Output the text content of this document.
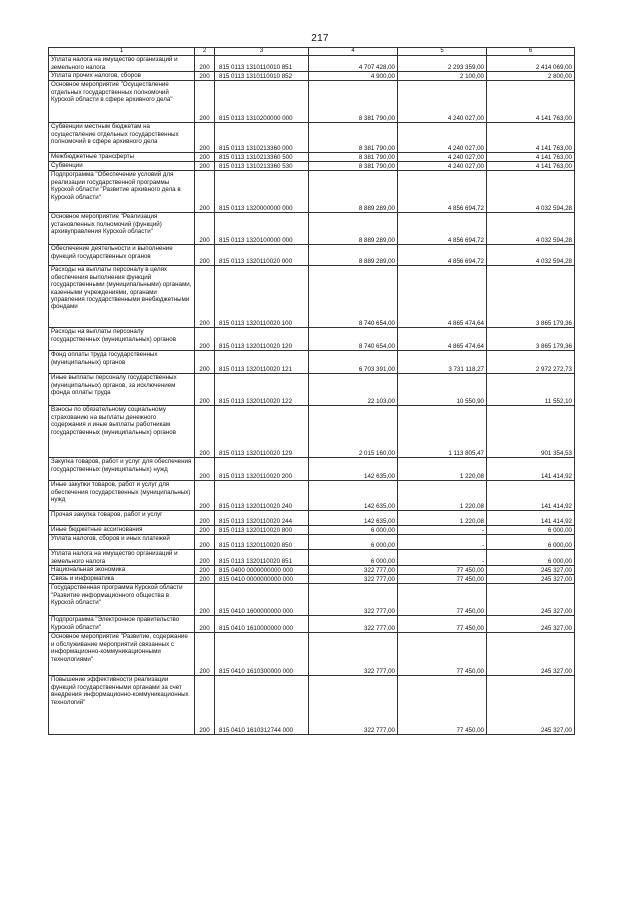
217
1	2	3	4	5	6
Уплата налога на имущество организаций и земельного налога	200	815 0113 1310110010 851	4 707 428,00	2 293 359,00	2 414 069,00
Уплата прочих налогов, сборов	200	815 0113 1310110010 852	4 900,00	2 100,00	2 800,00
Основное мероприятие "Осуществление отдельных государственных полномочий Курской области в сфере архивного дела"	200	815 0113 1310200000 000	8 381 790,00	4 240 027,00	4 141 763,00
Субвенции местным бюджетам на осуществление отдельных государственных полномочий в сфере архивного дела	200	815 0113 1310213360 000	8 381 790,00	4 240 027,00	4 141 763,00
Межбюджетные трансферты	200	815 0113 1310213360 500	8 381 790,00	4 240 027,00	4 141 763,00
Субвенции	200	815 0113 1310213360 530	8 381 790,00	4 240 027,00	4 141 763,00
Подпрограмма "Обеспечение условий для реализации государственной программы Курской области "Развитие архивного дела в Курской области"	200	815 0113 1320000000 000	8 889 289,00	4 856 694,72	4 032 594,28
Основное мероприятие "Реализация установленных полномочий (функций) архивуправления Курской области"	200	815 0113 1320100000 000	8 889 289,00	4 856 694,72	4 032 594,28
Обеспечение деятельности и выполнение функций государственных органов	200	815 0113 1320110020 000	8 889 289,00	4 856 694,72	4 032 594,28
Расходы на выплаты персоналу в целях обеспечения выполнения функций государственными (муниципальными) органами, казенными учреждениями, органами управления государственными внебюджетными фондами	200	815 0113 1320110020 100	8 740 654,00	4 865 474,64	3 865 179,36
Расходы на выплаты персоналу государственных (муниципальных) органов	200	815 0113 1320110020 120	8 740 654,00	4 865 474,64	3 865 179,36
Фонд оплаты труда государственных (муниципальных) органов	200	815 0113 1320110020 121	6 703 391,00	3 731 118,27	2 972 272,73
Иные выплаты персоналу государственных (муниципальных) органов, за исключением фонда оплаты труда	200	815 0113 1320110020 122	22 103,00	10 550,90	11 552,10
Взносы по обязательному социальному страхованию на выплаты денежного содержания и иные выплаты работникам государственных (муниципальных) органов	200	815 0113 1320110020 129	2 015 160,00	1 113 805,47	901 354,53
Закупка товаров, работ и услуг для обеспечения государственных (муниципальных) нужд	200	815 0113 1320110020 200	142 635,00	1 220,08	141 414,92
Иные закупки товаров, работ и услуг для обеспечения государственных (муниципальных) нужд	200	815 0113 1320110020 240	142 635,00	1 220,08	141 414,92
Прочая закупка товаров, работ и услуг	200	815 0113 1320110020 244	142 635,00	1 220,08	141 414,92
Иные бюджетные ассигнования	200	815 0113 1320110020 800	6 000,00	-	6 000,00
Уплата налогов, сборов и иных платежей	200	815 0113 1320110020 850	6 000,00	-	6 000,00
Уплата налога на имущество организаций и земельного налога	200	815 0113 1320110020 851	6 000,00	-	6 000,00
Национальная экономика	200	815 0400 0000000000 000	322 777,00	77 450,00	245 327,00
Связь и информатика	200	815 0410 0000000000 000	322 777,00	77 450,00	245 327,00
Государственная программа Курской области "Развитие информационного общества в Курской области"	200	815 0410 1600000000 000	322 777,00	77 450,00	245 327,00
Подпрограмма "Электронное правительство Курской области"	200	815 0410 1610000000 000	322 777,00	77 450,00	245 327,00
Основное мероприятие "Развитие, содержание и обслуживание мероприятий связанных с информационно-коммуникационными технологиями"	200	815 0410 1610300000 000	322 777,00	77 450,00	245 327,00
Повышение эффективности реализации функций государственными органами за счет внедрения информационно-коммуникационных технологий"	200	815 0410 1610312744 000	322 777,00	77 450,00	245 327,00
